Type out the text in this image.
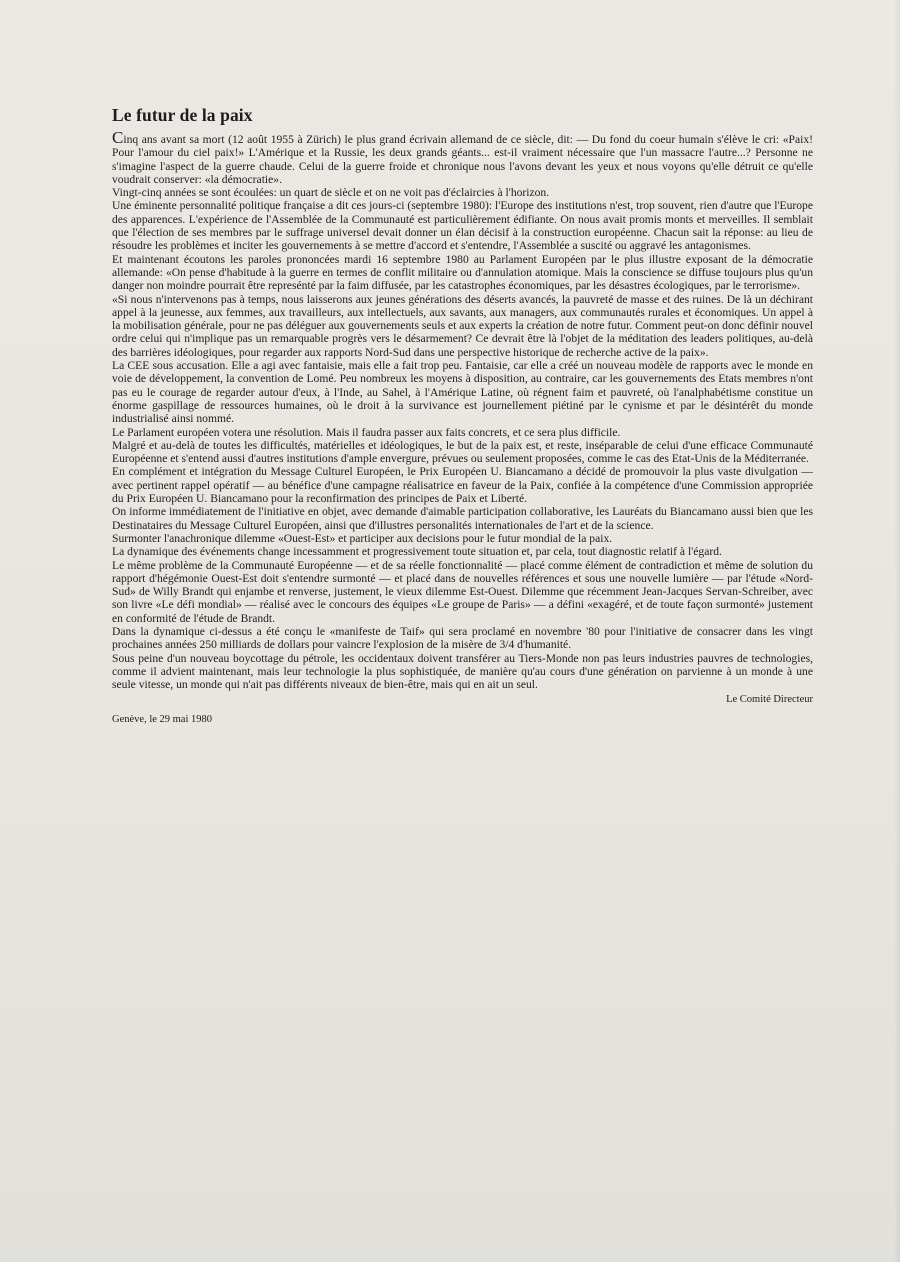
Le futur de la paix

Cinq ans avant sa mort (12 août 1955 à Zürich) le plus grand écrivain allemand de ce siècle, dit: — Du fond du coeur humain s'élève le cri: «Paix! Pour l'amour du ciel paix!» L'Amérique et la Russie, les deux grands géants... est-il vraiment nécessaire que l'un massacre l'autre...? Personne ne s'imagine l'aspect de la guerre chaude. Celui de la guerre froide et chronique nous l'avons devant les yeux et nous voyons qu'elle détruit ce qu'elle voudrait conserver: «la démocratie».

Vingt-cinq années se sont écoulées: un quart de siècle et on ne voit pas d'éclaircies à l'horizon.

Une éminente personnalité politique française a dit ces jours-ci (septembre 1980): l'Europe des institutions n'est, trop souvent, rien d'autre que l'Europe des apparences. L'expérience de l'Assemblée de la Communauté est particulièrement édifiante. On nous avait promis monts et merveilles. Il semblait que l'élection de ses membres par le suffrage universel devait donner un élan décisif à la construction européenne. Chacun sait la réponse: au lieu de résoudre les problèmes et inciter les gouvernements à se mettre d'accord et s'entendre, l'Assemblée a suscité ou aggravé les antagonismes.

Et maintenant écoutons les paroles prononcées mardi 16 septembre 1980 au Parlament Européen par le plus illustre exposant de la démocratie allemande: «On pense d'habitude à la guerre en termes de conflit militaire ou d'annulation atomique. Mais la conscience se diffuse toujours plus qu'un danger non moindre pourrait être represénté par la faim diffusée, par les catastrophes économiques, par les désastres écologiques, par le terrorisme».

«Si nous n'intervenons pas à temps, nous laisserons aux jeunes générations des déserts avancés, la pauvreté de masse et des ruines. De là un déchirant appel à la jeunesse, aux femmes, aux travailleurs, aux intellectuels, aux savants, aux managers, aux communautés rurales et économiques. Un appel à la mobilisation générale, pour ne pas déléguer aux gouvernements seuls et aux experts la création de notre futur. Comment peut-on donc définir nouvel ordre celui qui n'implique pas un remarquable progrès vers le désarmement? Ce devrait être là l'objet de la méditation des leaders politiques, au-delà des barrières idéologiques, pour regarder aux rapports Nord-Sud dans une perspective historique de recherche active de la paix».

La CEE sous accusation. Elle a agi avec fantaisie, mais elle a fait trop peu. Fantaisie, car elle a créé un nouveau modèle de rapports avec le monde en voie de développement, la convention de Lomé. Peu nombreux les moyens à disposition, au contraire, car les gouvernements des Etats membres n'ont pas eu le courage de regarder autour d'eux, à l'Inde, au Sahel, à l'Amérique Latine, où régnent faim et pauvreté, où l'analphabétisme constitue un énorme gaspillage de ressources humaines, où le droit à la survivance est journellement piétiné par le cynisme et par le désintérêt du monde industrialisé ainsi nommé.

Le Parlament européen votera une résolution. Mais il faudra passer aux faits concrets, et ce sera plus difficile.

Malgré et au-delà de toutes les difficultés, matérielles et idéologiques, le but de la paix est, et reste, inséparable de celui d'une efficace Communauté Européenne et s'entend aussi d'autres institutions d'ample envergure, prévues ou seulement proposées, comme le cas des Etat-Unis de la Méditerranée.

En complément et intégration du Message Culturel Européen, le Prix Européen U. Biancamano a décidé de promouvoir la plus vaste divulgation — avec pertinent rappel opératif — au bénéfice d'une campagne réalisatrice en faveur de la Paix, confiée à la compétence d'une Commission appropriée du Prix Européen U. Biancamano pour la reconfirmation des principes de Paix et Liberté.

On informe immédiatement de l'initiative en objet, avec demande d'aimable participation collaborative, les Lauréats du Biancamano aussi bien que les Destinataires du Message Culturel Européen, ainsi que d'illustres personalités internationales de l'art et de la science.

Surmonter l'anachronique dilemme «Ouest-Est» et participer aux decisions pour le futur mondial de la paix.

La dynamique des événements change incessamment et progressivement toute situation et, par cela, tout diagnostic relatif à l'égard.

Le même problème de la Communauté Européenne — et de sa réelle fonctionnalité — placé comme élément de contradiction et même de solution du rapport d'hégémonie Ouest-Est doit s'entendre surmonté — et placé dans de nouvelles références et sous une nouvelle lumière — par l'étude «Nord-Sud» de Willy Brandt qui enjambe et renverse, justement, le vieux dilemme Est-Ouest. Dilemme que récemment Jean-Jacques Servan-Schreiber, avec son livre «Le défi mondial» — réalisé avec le concours des équipes «Le groupe de Paris» — a défini «exagéré, et de toute façon surmonté» justement en conformité de l'étude de Brandt.

Dans la dynamique ci-dessus a été conçu le «manifeste de Taif» qui sera proclamé en novembre '80 pour l'initiative de consacrer dans les vingt prochaines années 250 milliards de dollars pour vaincre l'explosion de la misère de 3/4 d'humanité.

Sous peine d'un nouveau boycottage du pétrole, les occidentaux doivent transférer au Tiers-Monde non pas leurs industries pauvres de technologies, comme il advient maintenant, mais leur technologie la plus sophistiquée, de manière qu'au cours d'une génération on parvienne à un monde à une seule vitesse, un monde qui n'ait pas différents niveaux de bien-être, mais qui en ait un seul.

Le Comité Directeur
Genève, le 29 mai 1980
